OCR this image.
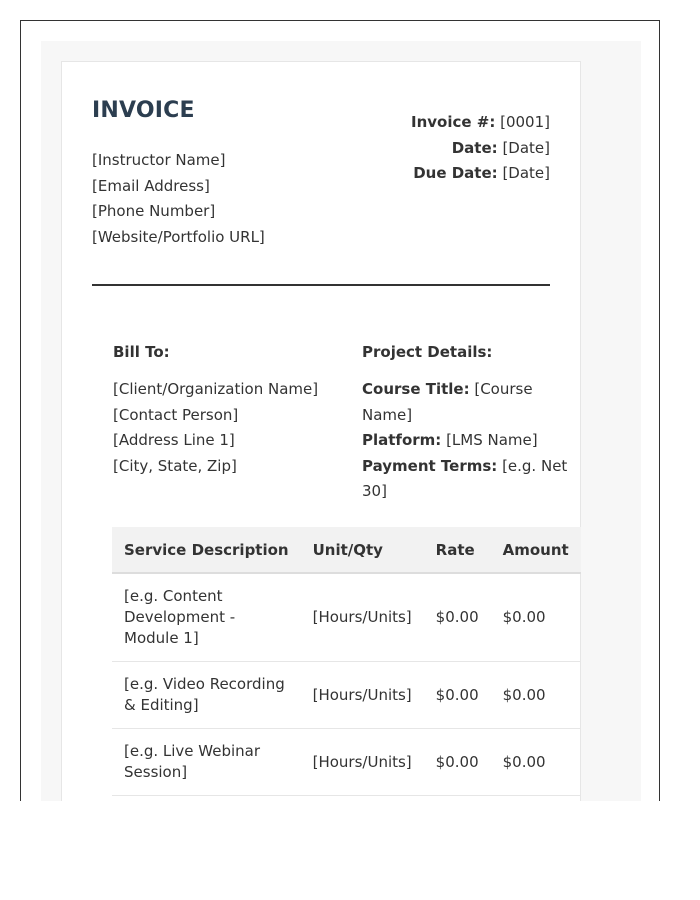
INVOICE
[Instructor Name]
[Email Address]
[Phone Number]
[Website/Portfolio URL]
Invoice #: [0001]
Date: [Date]
Due Date: [Date]
Bill To:
[Client/Organization Name]
[Contact Person]
[Address Line 1]
[City, State, Zip]
Project Details:
Course Title: [Course Name]
Platform: [LMS Name]
Payment Terms: [e.g. Net 30]
Service Description	Unit/Qty	Rate	Amount
[e.g. Content Development - Module 1]	[Hours/Units]	$0.00	$0.00
[e.g. Video Recording & Editing]	[Hours/Units]	$0.00	$0.00
[e.g. Live Webinar Session]	[Hours/Units]	$0.00	$0.00
